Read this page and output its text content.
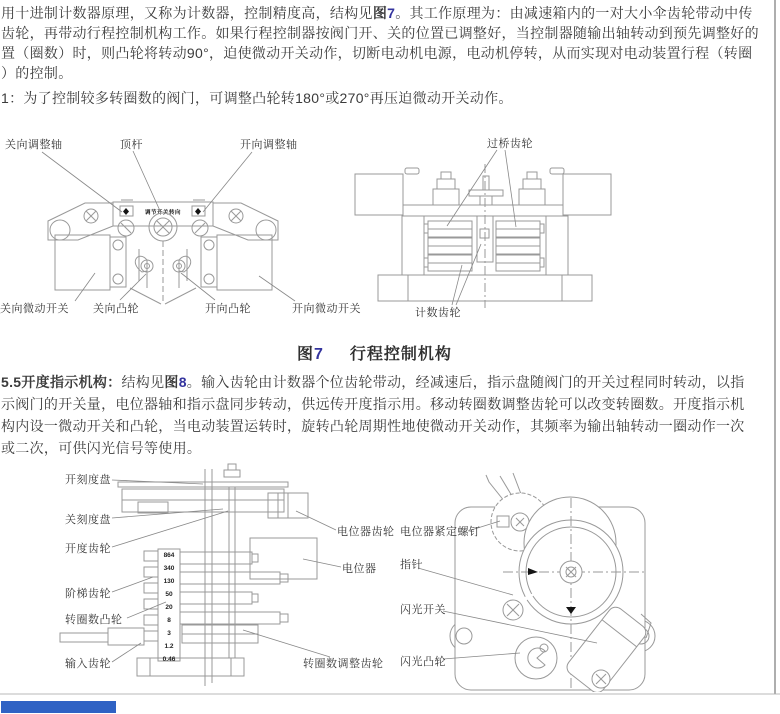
用十进制计数器原理，又称为计数器，控制精度高，结构见图7。其工作原理为：由减速箱内的一对大小伞齿轮带动中传
齿轮，再带动行程控制机构工作。如果行程控制器按阀门开、关的位置已调整好，当控制器随输出轴转动到预先调整好的
置（圈数）时，则凸轮将转动90°，迫使微动开关动作，切断电动机电源，电动机停转，从而实现对电动装置行程（转圈
）的控制。
1：为了控制较多转圈数的阀门，可调整凸轮转180°或270°再压迫微动开关动作。
调节开关转向
关向调整轴	顶杆	开向调整轴
关向微动开关 关向凸轮	开向凸轮	开向微动开关
过桥齿轮
计数齿轮
图7 行程控制机构
5.5开度指示机构：结构见图8。输入齿轮由计数器个位齿轮带动，经减速后，指示盘随阀门的开关过程同时转动，以指
示阀门的开关量，电位器轴和指示盘同步转动，供远传开度指示用。移动转圈数调整齿轮可以改变转圈数。开度指示机
构内设一微动开关和凸轮，当电动装置运转时，旋转凸轮周期性地使微动开关动作，其频率为输出轴转动一圈动作一次
或二次，可供闪光信号等使用。
864
340
130
50
20
8
3
1.2
0.46
开刻度盘
关刻度盘
开度齿轮
阶梯齿轮
转圈数凸轮
输入齿轮
电位器齿轮
电位器
转圈数调整齿轮
电位器紧定螺钉
指针
闪光开关
闪光凸轮
